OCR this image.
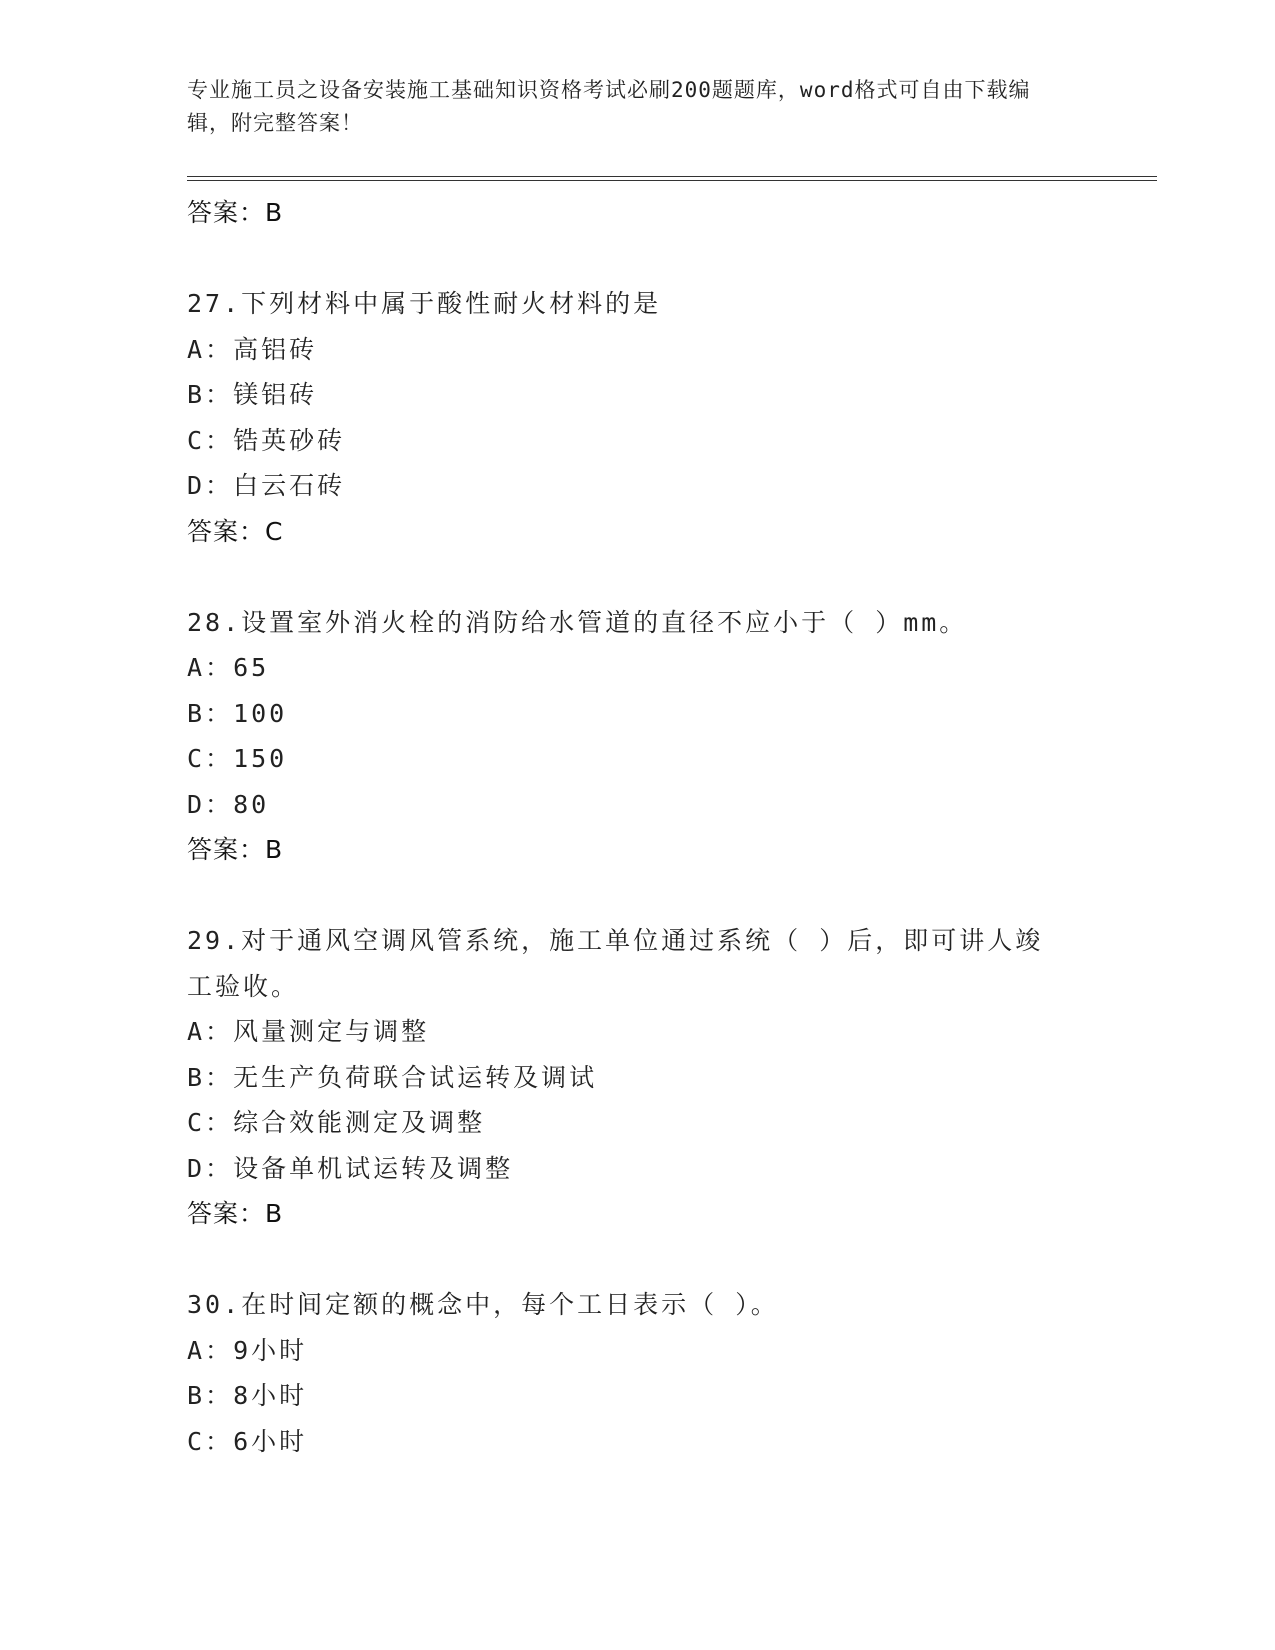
专业施工员之设备安装施工基础知识资格考试必刷200题题库，word格式可自由下载编辑，附完整答案！
答案：B
27.下列材料中属于酸性耐火材料的是
A：高铝砖
B：镁铝砖
C：锆英砂砖
D：白云石砖
答案：C
28.设置室外消火栓的消防给水管道的直径不应小于（ ）mm。
A：65
B：100
C：150
D：80
答案：B
29.对于通风空调风管系统，施工单位通过系统（ ）后，即可讲人竣工验收。
A：风量测定与调整
B：无生产负荷联合试运转及调试
C：综合效能测定及调整
D：设备单机试运转及调整
答案：B
30.在时间定额的概念中，每个工日表示（ ）。
A：9小时
B：8小时
C：6小时
